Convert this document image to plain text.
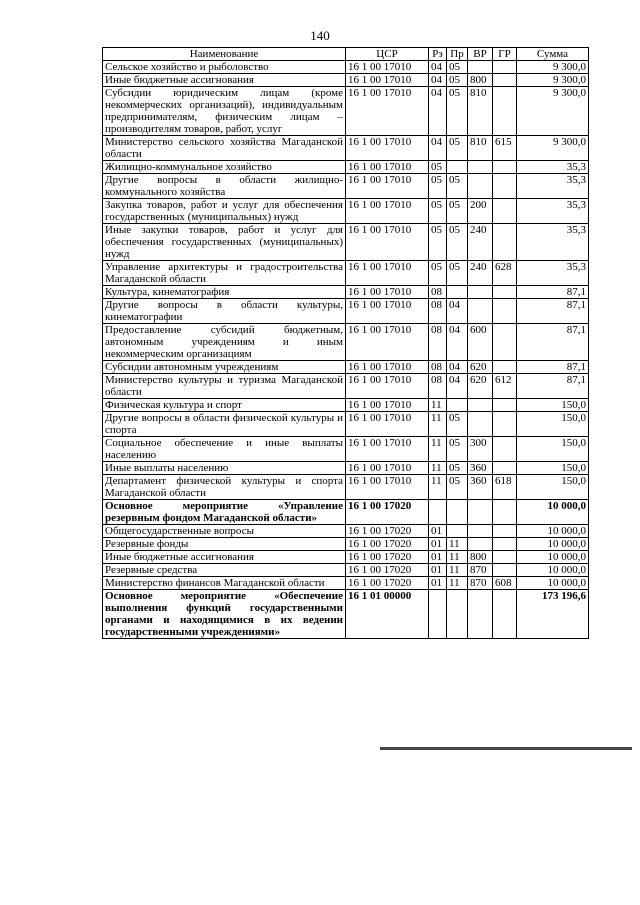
140
Наименование	ЦСР	Рз	Пр	ВР	ГР	Сумма
Сельское хозяйство и рыболовство	16 1 00 17010	04	05			9 300,0
Иные бюджетные ассигнования	16 1 00 17010	04	05	800		9 300,0
Субсидии юридическим лицам (кроме некоммерческих организаций), индивидуальным предпринимателям, физическим лицам – производителям товаров, работ, услуг	16 1 00 17010	04	05	810		9 300,0
Министерство сельского хозяйства Магаданской области	16 1 00 17010	04	05	810	615	9 300,0
Жилищно-коммунальное хозяйство	16 1 00 17010	05				35,3
Другие вопросы в области жилищно-коммунального хозяйства	16 1 00 17010	05	05			35,3
Закупка товаров, работ и услуг для обеспечения государственных (муниципальных) нужд	16 1 00 17010	05	05	200		35,3
Иные закупки товаров, работ и услуг для обеспечения государственных (муниципальных) нужд	16 1 00 17010	05	05	240		35,3
Управление архитектуры и градостроительства Магаданской области	16 1 00 17010	05	05	240	628	35,3
Культура, кинематография	16 1 00 17010	08				87,1
Другие вопросы в области культуры, кинематографии	16 1 00 17010	08	04			87,1
Предоставление субсидий бюджетным, автономным учреждениям и иным некоммерческим организациям	16 1 00 17010	08	04	600		87,1
Субсидии автономным учреждениям	16 1 00 17010	08	04	620		87,1
Министерство культуры и туризма Магаданской области	16 1 00 17010	08	04	620	612	87,1
Физическая культура и спорт	16 1 00 17010	11				150,0
Другие вопросы в области физической культуры и спорта	16 1 00 17010	11	05			150,0
Социальное обеспечение и иные выплаты населению	16 1 00 17010	11	05	300		150,0
Иные выплаты населению	16 1 00 17010	11	05	360		150,0
Департамент физической культуры и спорта Магаданской области	16 1 00 17010	11	05	360	618	150,0
Основное мероприятие «Управление резервным фондом Магаданской области»	16 1 00 17020					10 000,0
Общегосударственные вопросы	16 1 00 17020	01				10 000,0
Резервные фонды	16 1 00 17020	01	11			10 000,0
Иные бюджетные ассигнования	16 1 00 17020	01	11	800		10 000,0
Резервные средства	16 1 00 17020	01	11	870		10 000,0
Министерство финансов Магаданской области	16 1 00 17020	01	11	870	608	10 000,0
Основное мероприятие «Обеспечение выполнения функций государственными органами и находящимися в их ведении государственными учреждениями»	16 1 01 00000					173 196,6
